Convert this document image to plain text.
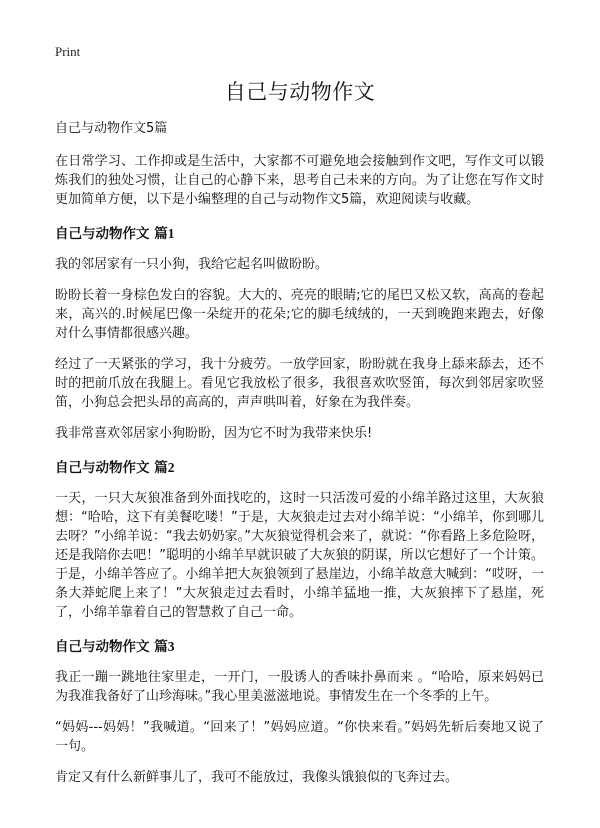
Print
自己与动物作文
自己与动物作文5篇

在日常学习、工作抑或是生活中，大家都不可避免地会接触到作文吧，写作文可以锻炼我们的独处习惯，让自己的心静下来，思考自己未来的方向。为了让您在写作文时更加简单方便，以下是小编整理的自己与动物作文5篇，欢迎阅读与收藏。

自己与动物作文 篇1

我的邻居家有一只小狗，我给它起名叫做盼盼。

盼盼长着一身棕色发白的容貌。大大的、亮亮的眼睛;它的尾巴又松又软，高高的卷起来，高兴的.时候尾巴像一朵绽开的花朵;它的脚毛绒绒的，一天到晚跑来跑去，好像对什么事情都很感兴趣。

经过了一天紧张的学习，我十分疲劳。一放学回家，盼盼就在我身上舔来舔去，还不时的把前爪放在我腿上。看见它我放松了很多，我很喜欢吹竖笛，每次到邻居家吹竖笛，小狗总会把头昂的高高的，声声哄叫着，好象在为我伴奏。

我非常喜欢邻居家小狗盼盼，因为它不时为我带来快乐!

自己与动物作文 篇2

一天，一只大灰狼准备到外面找吃的，这时一只活泼可爱的小绵羊路过这里，大灰狼想：“哈哈，这下有美餐吃喽！”于是，大灰狼走过去对小绵羊说：“小绵羊，你到哪儿去呀？”小绵羊说：“我去奶奶家。”大灰狼觉得机会来了，就说：“你看路上多危险呀，还是我陪你去吧！”聪明的小绵羊早就识破了大灰狼的阴谋，所以它想好了一个计策。于是，小绵羊答应了。小绵羊把大灰狼领到了悬崖边，小绵羊故意大喊到：“哎呀，一条大莽蛇爬上来了！”大灰狼走过去看时，小绵羊猛地一推，大灰狼摔下了悬崖，死了，小绵羊靠着自己的智慧救了自己一命。

自己与动物作文 篇3

我正一蹦一跳地往家里走，一开门，一股诱人的香味扑鼻而来 。“哈哈，原来妈妈已为我准我备好了山珍海味。”我心里美滋滋地说。事情发生在一个冬季的上午。

“妈妈---妈妈！”我喊道。“回来了！”妈妈应道。“你快来看。”妈妈先斩后奏地又说了一句。

肯定又有什么新鲜事儿了，我可不能放过，我像头饿狼似的飞奔过去。
